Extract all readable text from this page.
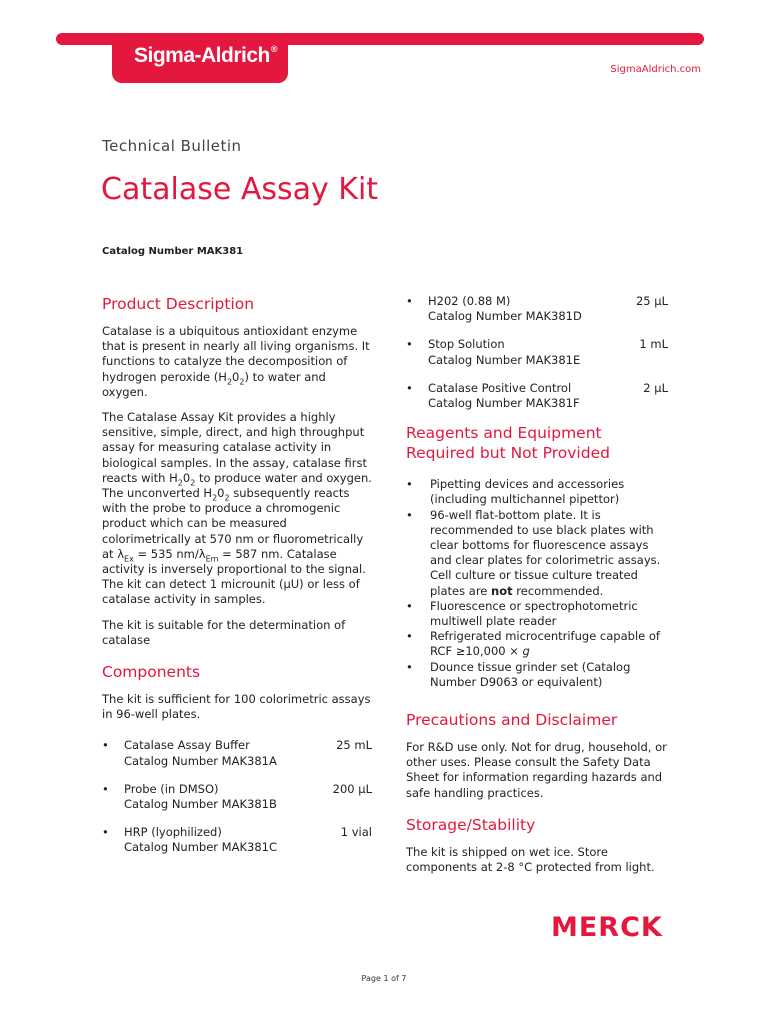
Sigma-Aldrich®
SigmaAldrich.com
Technical Bulletin
Catalase Assay Kit
Catalog Number MAK381
Product Description

Catalase is a ubiquitous antioxidant enzyme that is present in nearly all living organisms. It functions to catalyze the decomposition of hydrogen peroxide $(H_20_2)$ to water and oxygen.

The Catalase Assay Kit provides a highly sensitive, simple, direct, and high throughput assay for measuring catalase activity in biological samples. In the assay, catalase first reacts with $H_20_2$ to produce water and oxygen. The unconverted $H_20_2$ subsequently reacts with the probe to produce a chromogenic product which can be measured colorimetrically at 570 nm or fluorometrically at $\lambda_{Ex} = 535$ $nm/\lambda_{Em} = 587$ nm. Catalase activity is inversely proportional to the signal. The kit can detect 1 microunit (µU) or less of catalase activity in samples.

The kit is suitable for the determination of catalase

Components

The kit is sufficient for 100 colorimetric assays in 96-well plates.

•	Catalase Assay Buffer	25 mL
Catalog Number MAK381A
•	Probe (in DMSO)	200 µL
Catalog Number MAK381B
•	HRP (lyophilized)	1 vial
Catalog Number MAK381C
•	H202 (0.88 M)	25 µL
Catalog Number MAK381D
•	Stop Solution	1 mL
Catalog Number MAK381E
•	Catalase Positive Control	2 µL
Catalog Number MAK381F
Reagents and Equipment Required but Not Provided
•	Pipetting devices and accessories (including multichannel pipettor)
•	96-well flat-bottom plate. It is recommended to use black plates with clear bottoms for fluorescence assays and clear plates for colorimetric assays. Cell culture or tissue culture treated plates are not recommended.
•	Fluorescence or spectrophotometric multiwell plate reader
•	Refrigerated microcentrifuge capable of RCF ≥10,000 × g
•	Dounce tissue grinder set (Catalog Number D9063 or equivalent)
Precautions and Disclaimer

For R&D use only. Not for drug, household, or other uses. Please consult the Safety Data Sheet for information regarding hazards and safe handling practices.

Storage/Stability

The kit is shipped on wet ice. Store components at 2-8 °C protected from light.

MERCK
Page 1 of 7
